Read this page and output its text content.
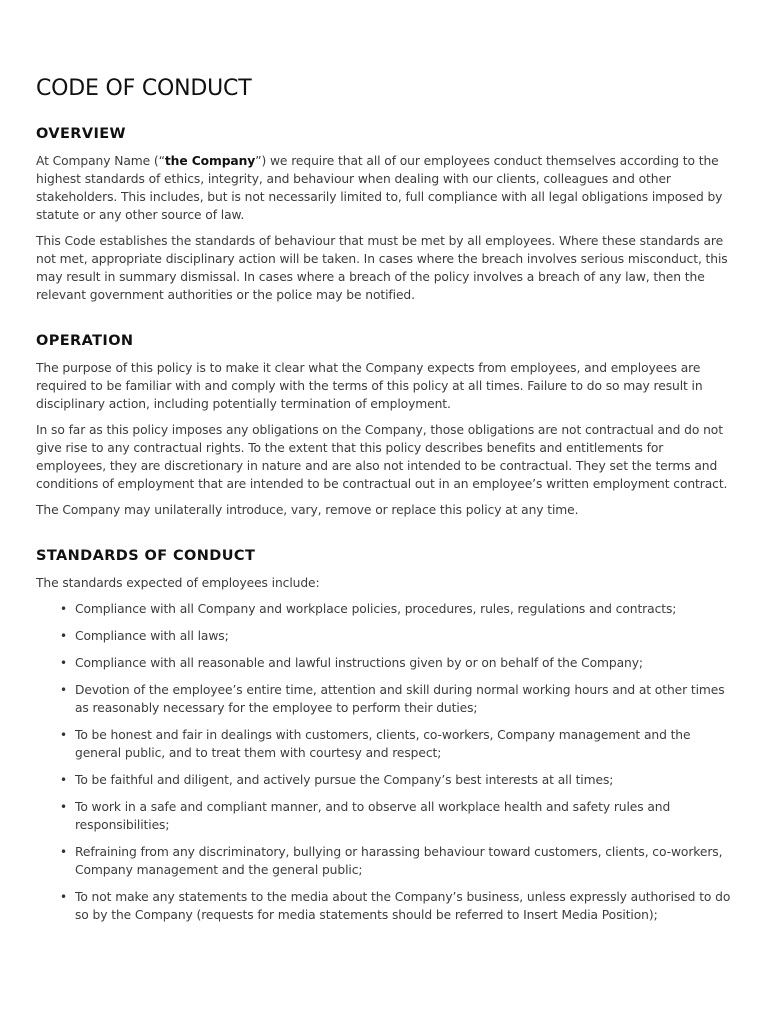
CODE OF CONDUCT
OVERVIEW

At Company Name (“the Company”) we require that all of our employees conduct themselves according to the highest standards of ethics, integrity, and behaviour when dealing with our clients, colleagues and other stakeholders. This includes, but is not necessarily limited to, full compliance with all legal obligations imposed by statute or any other source of law.

This Code establishes the standards of behaviour that must be met by all employees. Where these standards are not met, appropriate disciplinary action will be taken. In cases where the breach involves serious misconduct, this may result in summary dismissal. In cases where a breach of the policy involves a breach of any law, then the relevant government authorities or the police may be notified.

OPERATION

The purpose of this policy is to make it clear what the Company expects from employees, and employees are required to be familiar with and comply with the terms of this policy at all times. Failure to do so may result in disciplinary action, including potentially termination of employment.

In so far as this policy imposes any obligations on the Company, those obligations are not contractual and do not give rise to any contractual rights. To the extent that this policy describes benefits and entitlements for employees, they are discretionary in nature and are also not intended to be contractual. They set the terms and conditions of employment that are intended to be contractual out in an employee’s written employment contract.

The Company may unilaterally introduce, vary, remove or replace this policy at any time.

STANDARDS OF CONDUCT

The standards expected of employees include:

• Compliance with all Company and workplace policies, procedures, rules, regulations and contracts;
• Compliance with all laws;
• Compliance with all reasonable and lawful instructions given by or on behalf of the Company;
• Devotion of the employee’s entire time, attention and skill during normal working hours and at other times as reasonably necessary for the employee to perform their duties;
• To be honest and fair in dealings with customers, clients, co-workers, Company management and the general public, and to treat them with courtesy and respect;
• To be faithful and diligent, and actively pursue the Company’s best interests at all times;
• To work in a safe and compliant manner, and to observe all workplace health and safety rules and responsibilities;
• Refraining from any discriminatory, bullying or harassing behaviour toward customers, clients, co-workers, Company management and the general public;
• To not make any statements to the media about the Company’s business, unless expressly authorised to do so by the Company (requests for media statements should be referred to Insert Media Position);
